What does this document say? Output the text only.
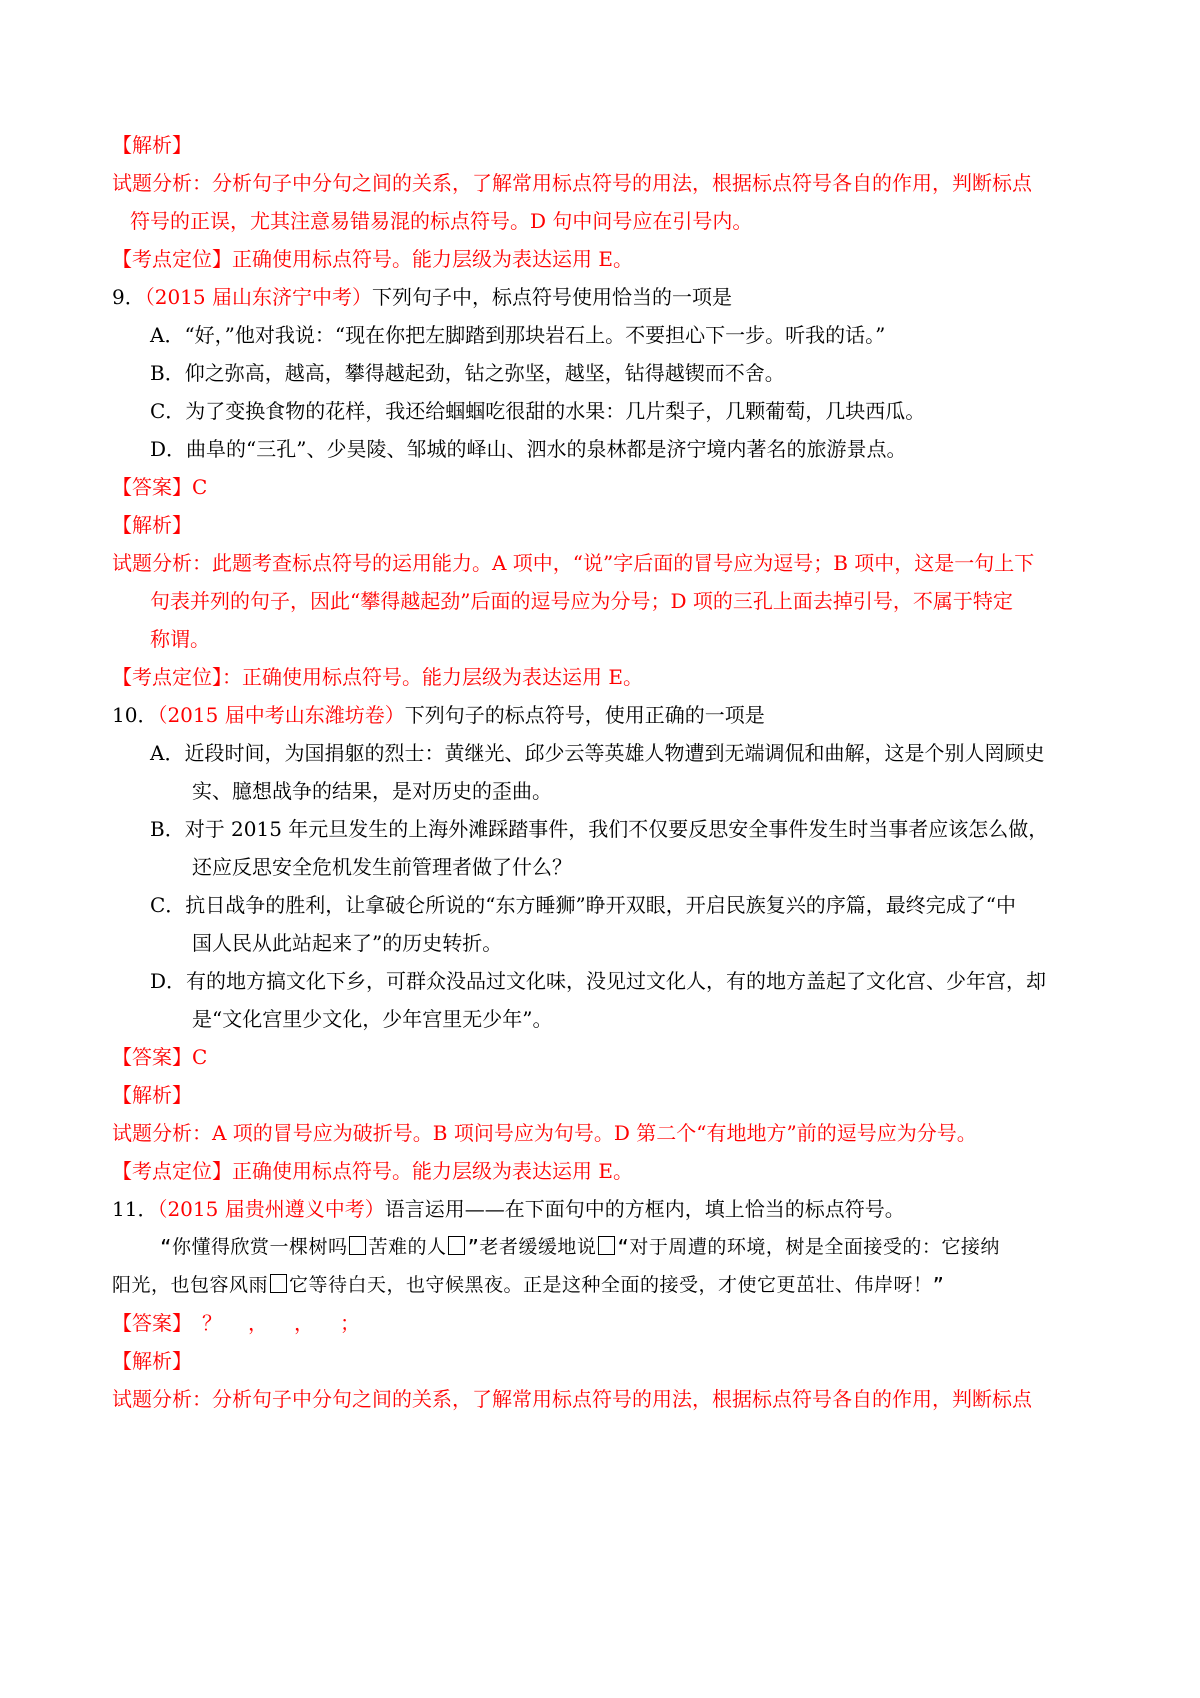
【解析】
试题分析：分析句子中分句之间的关系，了解常用标点符号的用法，根据标点符号各自的作用，判断标点
符号的正误，尤其注意易错易混的标点符号。D 句中问号应在引号内。
【考点定位】正确使用标点符号。能力层级为表达运用 E。
9．（2015 届山东济宁中考）下列句子中，标点符号使用恰当的一项是
A．“好，”他对我说：“现在你把左脚踏到那块岩石上。不要担心下一步。听我的话。”
B．仰之弥高，越高，攀得越起劲，钻之弥坚，越坚，钻得越锲而不舍。
C．为了变换食物的花样，我还给蝈蝈吃很甜的水果：几片梨子，几颗葡萄，几块西瓜。
D．曲阜的“三孔”、少昊陵、邹城的峄山、泗水的泉林都是济宁境内著名的旅游景点。
【答案】C
【解析】
试题分析：此题考查标点符号的运用能力。A 项中，“说”字后面的冒号应为逗号；B 项中，这是一句上下
句表并列的句子，因此“攀得越起劲”后面的逗号应为分号；D 项的三孔上面去掉引号，不属于特定
称谓。
【考点定位】：正确使用标点符号。能力层级为表达运用 E。
10．（2015 届中考山东潍坊卷）下列句子的标点符号，使用正确的一项是
A．近段时间，为国捐躯的烈士：黄继光、邱少云等英雄人物遭到无端调侃和曲解，这是个别人罔顾史
实、臆想战争的结果，是对历史的歪曲。
B．对于 2015 年元旦发生的上海外滩踩踏事件，我们不仅要反思安全事件发生时当事者应该怎么做，
还应反思安全危机发生前管理者做了什么？
C．抗日战争的胜利，让拿破仑所说的“东方睡狮”睁开双眼，开启民族复兴的序篇，最终完成了“中
国人民从此站起来了”的历史转折。
D．有的地方搞文化下乡，可群众没品过文化味，没见过文化人，有的地方盖起了文化宫、少年宫，却
是“文化宫里少文化，少年宫里无少年”。
【答案】C
【解析】
试题分析：A 项的冒号应为破折号。B 项问号应为句号。D 第二个“有地地方”前的逗号应为分号。
【考点定位】正确使用标点符号。能力层级为表达运用 E。
11．（2015 届贵州遵义中考）语言运用——在下面句中的方框内，填上恰当的标点符号。
“你懂得欣赏一棵树吗 苦难的人 ”老者缓缓地说 “对于周遭的环境，树是全面接受的：它接纳
阳光，也包容风雨 它等待白天，也守候黑夜。正是这种全面的接受，才使它更茁壮、伟岸呀！”
【答案】 ？ ， ， ；
【解析】
试题分析：分析句子中分句之间的关系，了解常用标点符号的用法，根据标点符号各自的作用，判断标点
